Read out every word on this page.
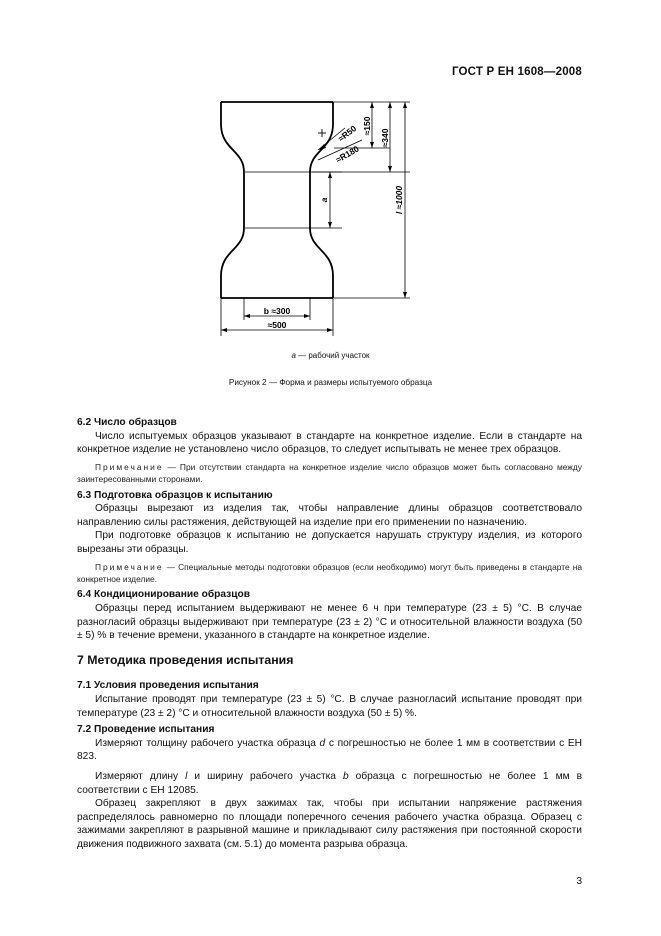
ГОСТ Р ЕН 1608—2008
≈150
≈340
≈R50
≈R180
l ≈1000
a
b ≈300
≈500
a — рабочий участок
Рисунок 2 — Форма и размеры испытуемого образца

6.2 Число образцов

Число испытуемых образцов указывают в стандарте на конкретное изделие. Если в стандарте на конкретное изделие не установлено число образцов, то следует испытывать не менее трех образцов.

Примечание — При отсутствии стандарта на конкретное изделие число образцов может быть согласовано между заинтересованными сторонами.

6.3 Подготовка образцов к испытанию

Образцы вырезают из изделия так, чтобы направление длины образцов соответствовало направлению силы растяжения, действующей на изделие при его применении по назначению.

При подготовке образцов к испытанию не допускается нарушать структуру изделия, из которого вырезаны эти образцы.

Примечание — Специальные методы подготовки образцов (если необходимо) могут быть приведены в стандарте на конкретное изделие.

6.4 Кондиционирование образцов

Образцы перед испытанием выдерживают не менее 6 ч при температуре (23 ± 5) °С. В случае разногласий образцы выдерживают при температуре (23 ± 2) °С и относительной влажности воздуха (50 ± 5) % в течение времени, указанного в стандарте на конкретное изделие.

7 Методика проведения испытания

7.1 Условия проведения испытания

Испытание проводят при температуре (23 ± 5) °С. В случае разногласий испытание проводят при температуре (23 ± 2) °С и относительной влажности воздуха (50 ± 5) %.

7.2 Проведение испытания

Измеряют толщину рабочего участка образца d с погрешностью не более 1 мм в соответствии с ЕН 823.

Измеряют длину l и ширину рабочего участка b образца с погрешностью не более 1 мм в соответствии с ЕН 12085.

Образец закрепляют в двух зажимах так, чтобы при испытании напряжение растяжения распределялось равномерно по площади поперечного сечения рабочего участка образца. Образец с зажимами закрепляют в разрывной машине и прикладывают силу растяжения при постоянной скорости движения подвижного захвата (см. 5.1) до момента разрыва образца.

3
